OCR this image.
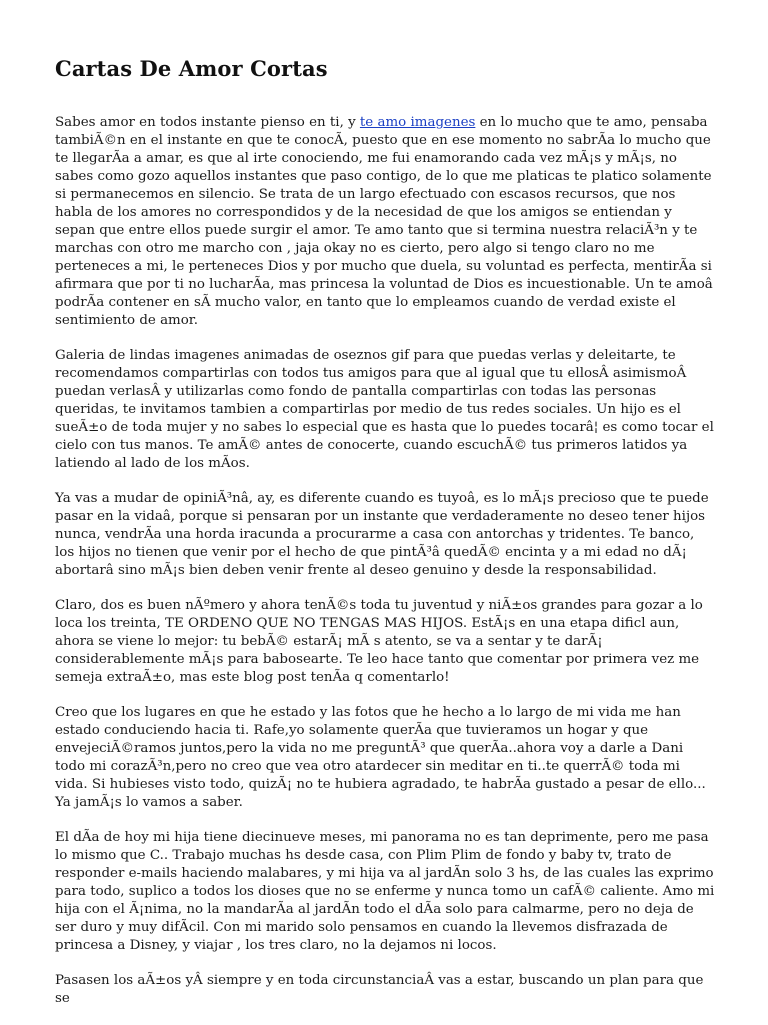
Cartas De Amor Cortas

Sabes amor en todos instante pienso en ti, y te amo imagenes en lo mucho que te amo, pensaba tambiÃ©n en el instante en que te conocÃ, puesto que en ese momento no sabrÃa lo mucho que te llegarÃa a amar, es que al irte conociendo, me fui enamorando cada vez mÃ¡s y mÃ¡s, no sabes como gozo aquellos instantes que paso contigo, de lo que me platicas te platico solamente si permanecemos en silencio. Se trata de un largo efectuado con escasos recursos, que nos habla de los amores no correspondidos y de la necesidad de que los amigos se entiendan y sepan que entre ellos puede surgir el amor. Te amo tanto que si termina nuestra relaciÃ³n y te marchas con otro me marcho con , jaja okay no es cierto, pero algo si tengo claro no me perteneces a mi, le perteneces Dios y por mucho que duela, su voluntad es perfecta, mentirÃa si afirmara que por ti no lucharÃa, mas princesa la voluntad de Dios es incuestionable. Un te amoâ podrÃa contener en sÃ mucho valor, en tanto que lo empleamos cuando de verdad existe el sentimiento de amor.

Galeria de lindas imagenes animadas de oseznos gif para que puedas verlas y deleitarte, te recomendamos compartirlas con todos tus amigos para que al igual que tu ellosÂ asimismoÂ puedan verlasÂ y utilizarlas como fondo de pantalla compartirlas con todas las personas queridas, te invitamos tambien a compartirlas por medio de tus redes sociales. Un hijo es el sueÃ±o de toda mujer y no sabes lo especial que es hasta que lo puedes tocarâ¦ es como tocar el cielo con tus manos. Te amÃ© antes de conocerte, cuando escuchÃ© tus primeros latidos ya latiendo al lado de los mÃos.

Ya vas a mudar de opiniÃ³nâ, ay, es diferente cuando es tuyoâ, es lo mÃ¡s precioso que te puede pasar en la vidaâ, porque si pensaran por un instante que verdaderamente no deseo tener hijos nunca, vendrÃa una horda iracunda a procurarme a casa con antorchas y tridentes. Te banco, los hijos no tienen que venir por el hecho de que pintÃ³â quedÃ© encinta y a mi edad no dÃ¡ abortarâ sino mÃ¡s bien deben venir frente al deseo genuino y desde la responsabilidad.

Claro, dos es buen nÃºmero y ahora tenÃ©s toda tu juventud y niÃ±os grandes para gozar a lo loca los treinta, TE ORDENO QUE NO TENGAS MAS HIJOS. EstÃ¡s en una etapa dificl aun, ahora se viene lo mejor: tu bebÃ© estarÃ¡ mÃ s atento, se va a sentar y te darÃ¡ considerablemente mÃ¡s para babosearte. Te leo hace tanto que comentar por primera vez me semeja extraÃ±o, mas este blog post tenÃa q comentarlo!

Creo que los lugares en que he estado y las fotos que he hecho a lo largo de mi vida me han estado conduciendo hacia ti. Rafe,yo solamente querÃa que tuvieramos un hogar y que envejeciÃ©ramos juntos,pero la vida no me preguntÃ³ que querÃa..ahora voy a darle a Dani todo mi corazÃ³n,pero no creo que vea otro atardecer sin meditar en ti..te querrÃ© toda mi vida. Si hubieses visto todo, quizÃ¡ no te hubiera agradado, te habrÃa gustado a pesar de ello... Ya jamÃ¡s lo vamos a saber.

El dÃa de hoy mi hija tiene diecinueve meses, mi panorama no es tan deprimente, pero me pasa lo mismo que C.. Trabajo muchas hs desde casa, con Plim Plim de fondo y baby tv, trato de responder e-mails haciendo malabares, y mi hija va al jardÃn solo 3 hs, de las cuales las exprimo para todo, suplico a todos los dioses que no se enferme y nunca tomo un cafÃ© caliente. Amo mi hija con el Ã¡nima, no la mandarÃa al jardÃn todo el dÃa solo para calmarme, pero no deja de ser duro y muy difÃcil. Con mi marido solo pensamos en cuando la llevemos disfrazada de princesa a Disney, y viajar , los tres claro, no la dejamos ni locos.

Pasasen los aÃ±os yÂ siempre y en toda circunstanciaÂ vas a estar, buscando un plan para que se
